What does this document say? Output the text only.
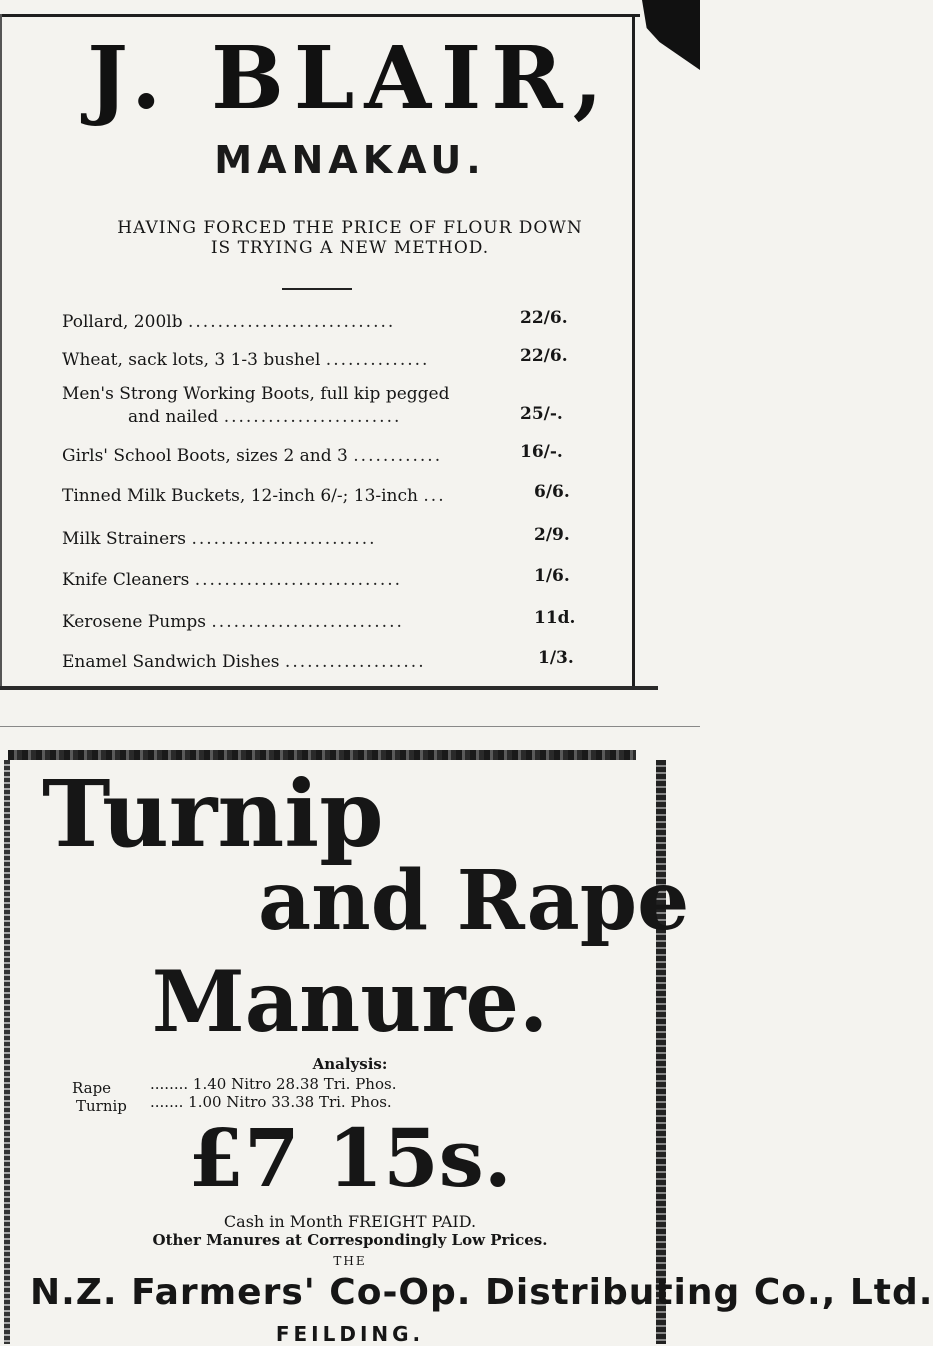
J. BLAIR,
MANAKAU.
HAVING FORCED THE PRICE OF FLOUR DOWN
IS TRYING A NEW METHOD.
Pollard, 200lb ............................	22/6.
Wheat, sack lots, 3 1-3 bushel ..............	22/6.
Men's Strong Working Boots, full kip pegged
and nailed ........................	25/-.
Girls' School Boots, sizes 2 and 3 ............	16/-.
Tinned Milk Buckets, 12-inch 6/-; 13-inch ...	6/6.
Milk Strainers .........................	2/9.
Knife Cleaners ............................	1/6.
Kerosene Pumps ..........................	11d.
Enamel Sandwich Dishes ...................	1/3.
Turnip
and Rape
Manure.
Analysis:
Rape	........ 1.40 Nitro 28.38 Tri. Phos.
Turnip ....... 1.00 Nitro 33.38 Tri. Phos.
£7 15s.
Cash in Month FREIGHT PAID.
Other Manures at Correspondingly Low Prices.
THE
N.Z. Farmers' Co-Op. Distributing Co., Ltd.
FEILDING.
